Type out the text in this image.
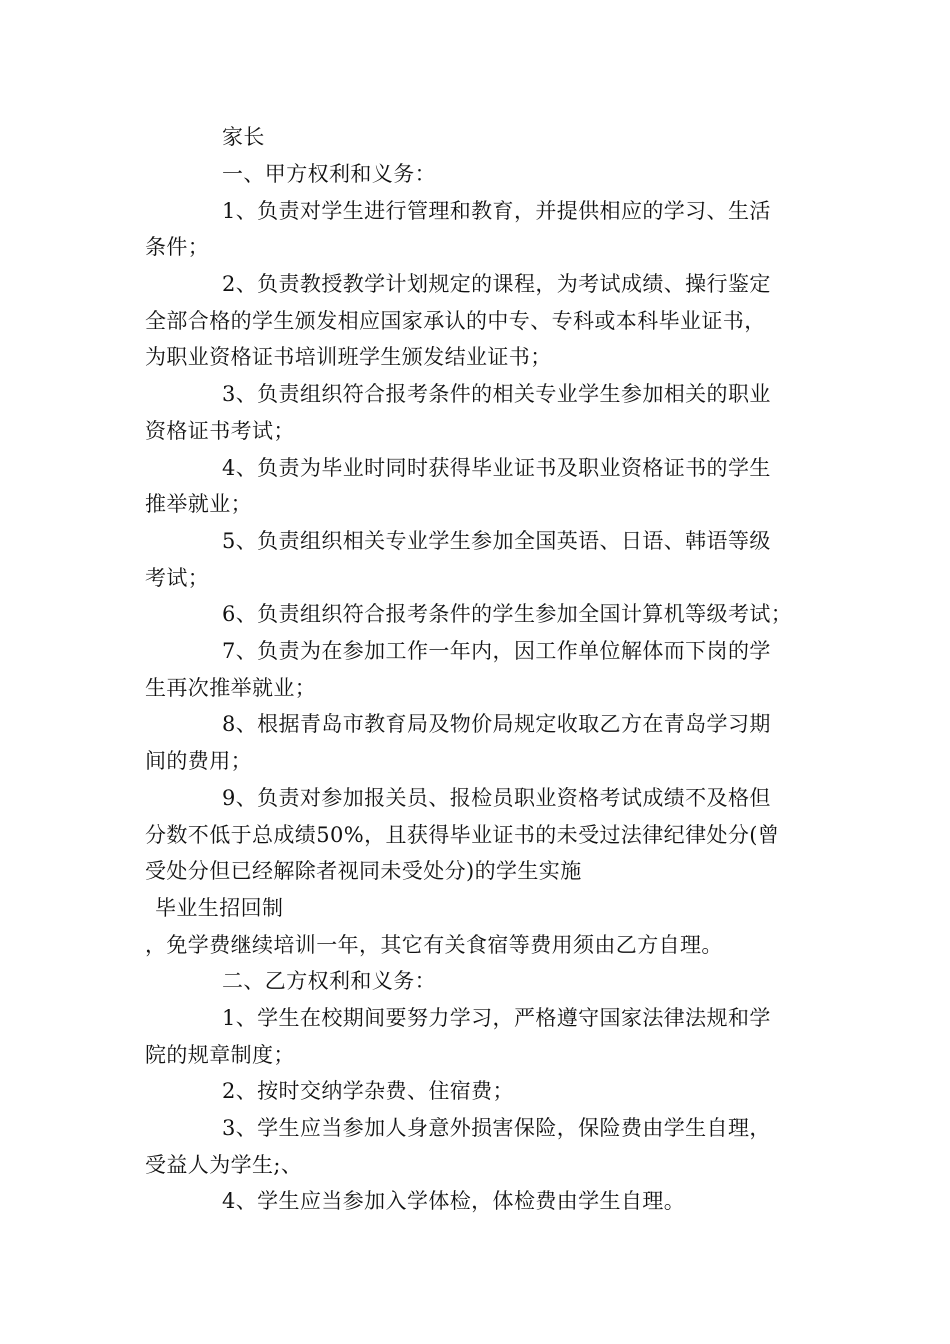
家长
一、甲方权利和义务：
1、负责对学生进行管理和教育，并提供相应的学习、生活
条件；
2、负责教授教学计划规定的课程，为考试成绩、操行鉴定
全部合格的学生颁发相应国家承认的中专、专科或本科毕业证书，
为职业资格证书培训班学生颁发结业证书；
3、负责组织符合报考条件的相关专业学生参加相关的职业
资格证书考试；
4、负责为毕业时同时获得毕业证书及职业资格证书的学生
推举就业；
5、负责组织相关专业学生参加全国英语、日语、韩语等级
考试；
6、负责组织符合报考条件的学生参加全国计算机等级考试；
7、负责为在参加工作一年内，因工作单位解体而下岗的学
生再次推举就业；
8、根据青岛市教育局及物价局规定收取乙方在青岛学习期
间的费用；
9、负责对参加报关员、报检员职业资格考试成绩不及格但
分数不低于总成绩50%，且获得毕业证书的未受过法律纪律处分(曾
受处分但已经解除者视同未受处分)的学生实施
毕业生招回制
，免学费继续培训一年，其它有关食宿等费用须由乙方自理。
二、乙方权利和义务：
1、学生在校期间要努力学习，严格遵守国家法律法规和学
院的规章制度；
2、按时交纳学杂费、住宿费；
3、学生应当参加人身意外损害保险，保险费由学生自理，
受益人为学生;、
4、学生应当参加入学体检，体检费由学生自理。
